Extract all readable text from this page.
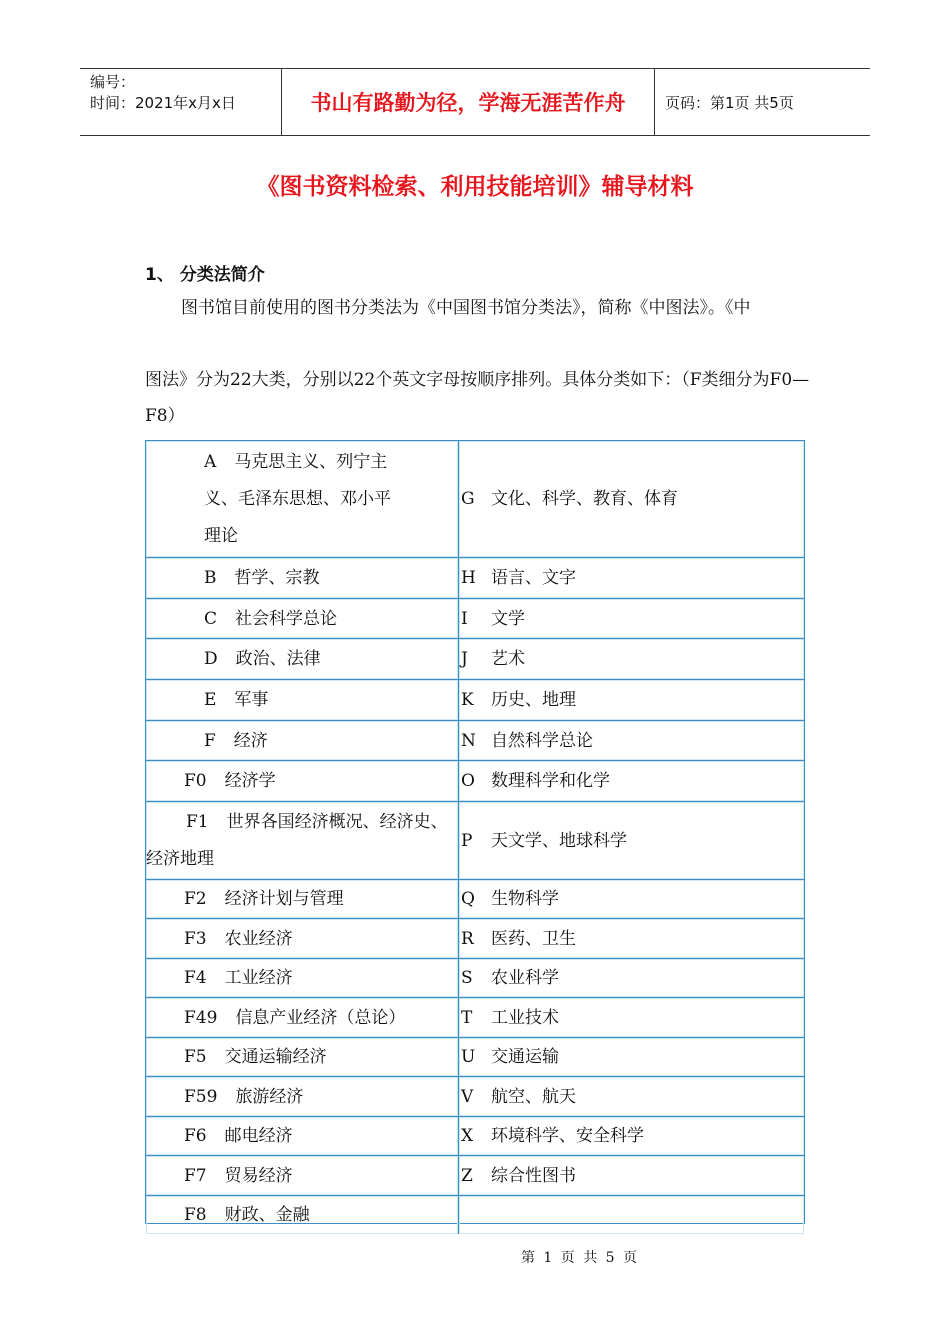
编号：
时间：2021年x月x日	书山有路勤为径，学海无涯苦作舟	页码：第1页 共5页
《图书资料检索、利用技能培训》辅导材料
1、 分类法简介
图书馆目前使用的图书分类法为《中国图书馆分类法》，简称《中图法》。《中
图法》分为22大类，分别以22个英文字母按顺序排列。具体分类如下：（F类细分为F0—F8）
A 马克思主义、列宁主义、毛泽东思想、邓小平理论	G 文化、科学、教育、体育

B 哲学、宗教	H 语言、文字

C 社会科学总论	I 文学

D 政治、法律	J 艺术

E 军事	K 历史、地理

F 经济	N 自然科学总论

F0 经济学	O 数理科学和化学

F1 世界各国经济概况、经济史、经济地理	P 天文学、地球科学

F2 经济计划与管理	Q 生物科学

F3 农业经济	R 医药、卫生

F4 工业经济	S 农业科学

F49 信息产业经济（总论）	T 工业技术

F5 交通运输经济	U 交通运输

F59 旅游经济	V 航空、航天

F6 邮电经济	X 环境科学、安全科学

F7 贸易经济	Z 综合性图书

F8 财政、金融	

第 1 页 共 5 页
